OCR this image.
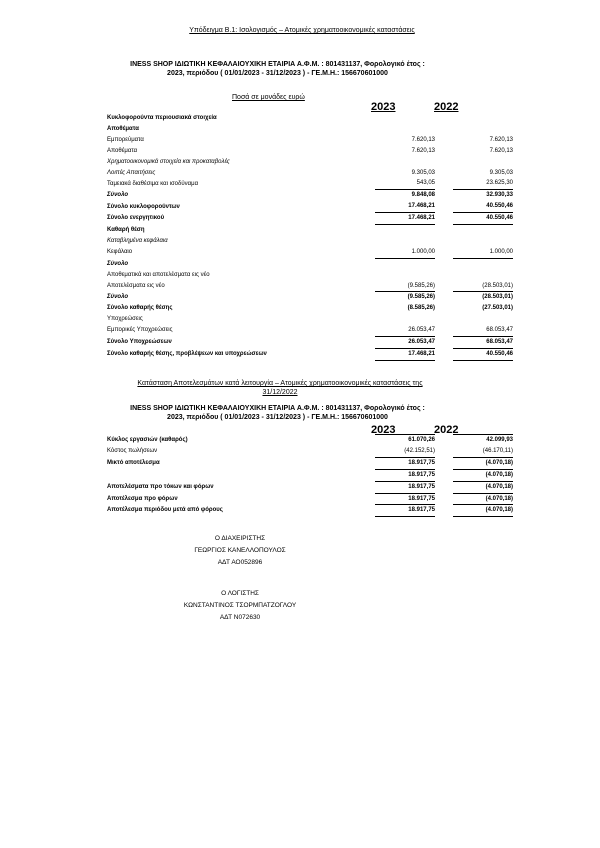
Υπόδειγμα Β.1: Ισολογισμός – Ατομικές χρηματοοικονομικές καταστάσεις
INESS SHOP ΙΔΙΩΤΙΚΗ ΚΕΦΑΛΑΙΟΥΧΙΚΗ ΕΤΑΙΡΙΑ Α.Φ.Μ. : 801431137, Φορολογικό έτος :
2023, περιόδου ( 01/01/2023 - 31/12/2023 ) - ΓΕ.Μ.Η.: 156670601000
Ποσά σε μονάδες ευρώ
2023	2022
Κυκλοφορούντα περιουσιακά στοιχεία			
Αποθέματα			
Εμπορεύματα	7.620,13		7.620,13
Αποθέματα	7.620,13		7.620,13
Χρηματοοικονομικά στοιχεία και προκαταβολές			
Λοιπές Απαιτήσεις	9.305,03		9.305,03
Ταμειακά διαθέσιμα και ισοδύναμα	543,05		23.625,30
Σύνολο	9.848,08		32.930,33
Σύνολο κυκλοφορούντων	17.468,21		40.550,46
Σύνολο ενεργητικού	17.468,21		40.550,46
Καθαρή θέση			
Καταβλημένα κεφάλαια			
Κεφάλαιο	1.000,00		1.000,00
Σύνολο			
Αποθεματικά και αποτελέσματα εις νέο			
Αποτελέσματα εις νέο	(9.585,26)		(28.503,01)
Σύνολο	(9.585,26)		(28.503,01)
Σύνολο καθαρής θέσης	(8.585,26)		(27.503,01)
Υποχρεώσεις			
Εμπορικές Υποχρεώσεις	26.053,47		68.053,47
Σύνολο Υποχρεώσεων	26.053,47		68.053,47
Σύνολο καθαρής θέσης, προβλέψεων και υποχρεώσεων	17.468,21		40.550,46
Κατάσταση Αποτελεσμάτων κατά λειτουργία – Ατομικές χρηματοοικονομικές καταστάσεις της
31/12/2022
INESS SHOP ΙΔΙΩΤΙΚΗ ΚΕΦΑΛΑΙΟΥΧΙΚΗ ΕΤΑΙΡΙΑ Α.Φ.Μ. : 801431137, Φορολογικό έτος :
2023, περιόδου ( 01/01/2023 - 31/12/2023 ) - ΓΕ.Μ.Η.: 156670601000
2023	2022
Κύκλος εργασιών (καθαρός)	61.070,26		42.099,93
Κόστος πωλήσεων	(42.152,51)		(46.170,11)
Μικτό αποτέλεσμα	18.917,75		(4.070,18)
	18.917,75		(4.070,18)
Αποτελέσματα προ τόκων και φόρων	18.917,75		(4.070,18)
Αποτέλεσμα προ φόρων	18.917,75		(4.070,18)
Αποτέλεσμα περιόδου μετά από φόρους	18.917,75		(4.070,18)
Ο ΔΙΑΧΕΙΡΙΣΤΗΣ
ΓΕΩΡΓΙΟΣ ΚΑΝΕΛΛΟΠΟΥΛΟΣ
ΑΔΤ ΑΟ052896
Ο ΛΟΓΙΣΤΗΣ
ΚΩΝΣΤΑΝΤΙΝΟΣ ΤΣΟΡΜΠΑΤΖΟΓΛΟΥ
ΑΔΤ Ν072630
